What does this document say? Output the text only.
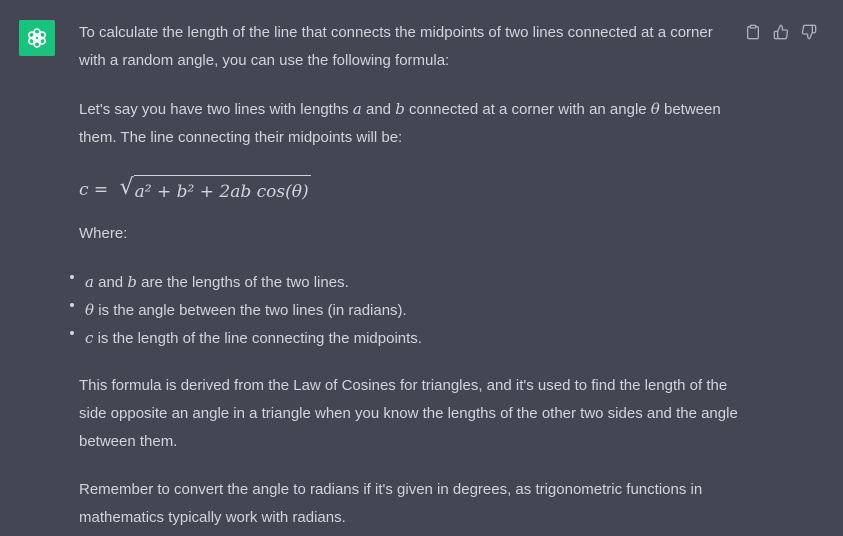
To calculate the length of the line that connects the midpoints of two lines connected at a corner with a random angle, you can use the following formula:

Let's say you have two lines with lengths a and b connected at a corner with an angle θ between them. The line connecting their midpoints will be:

c = √ a² + b² + 2ab cos(θ)

Where:

a and b are the lengths of the two lines.
θ is the angle between the two lines (in radians).
c is the length of the line connecting the midpoints.

This formula is derived from the Law of Cosines for triangles, and it's used to find the length of the side opposite an angle in a triangle when you know the lengths of the other two sides and the angle between them.

Remember to convert the angle to radians if it's given in degrees, as trigonometric functions in mathematics typically work with radians.
